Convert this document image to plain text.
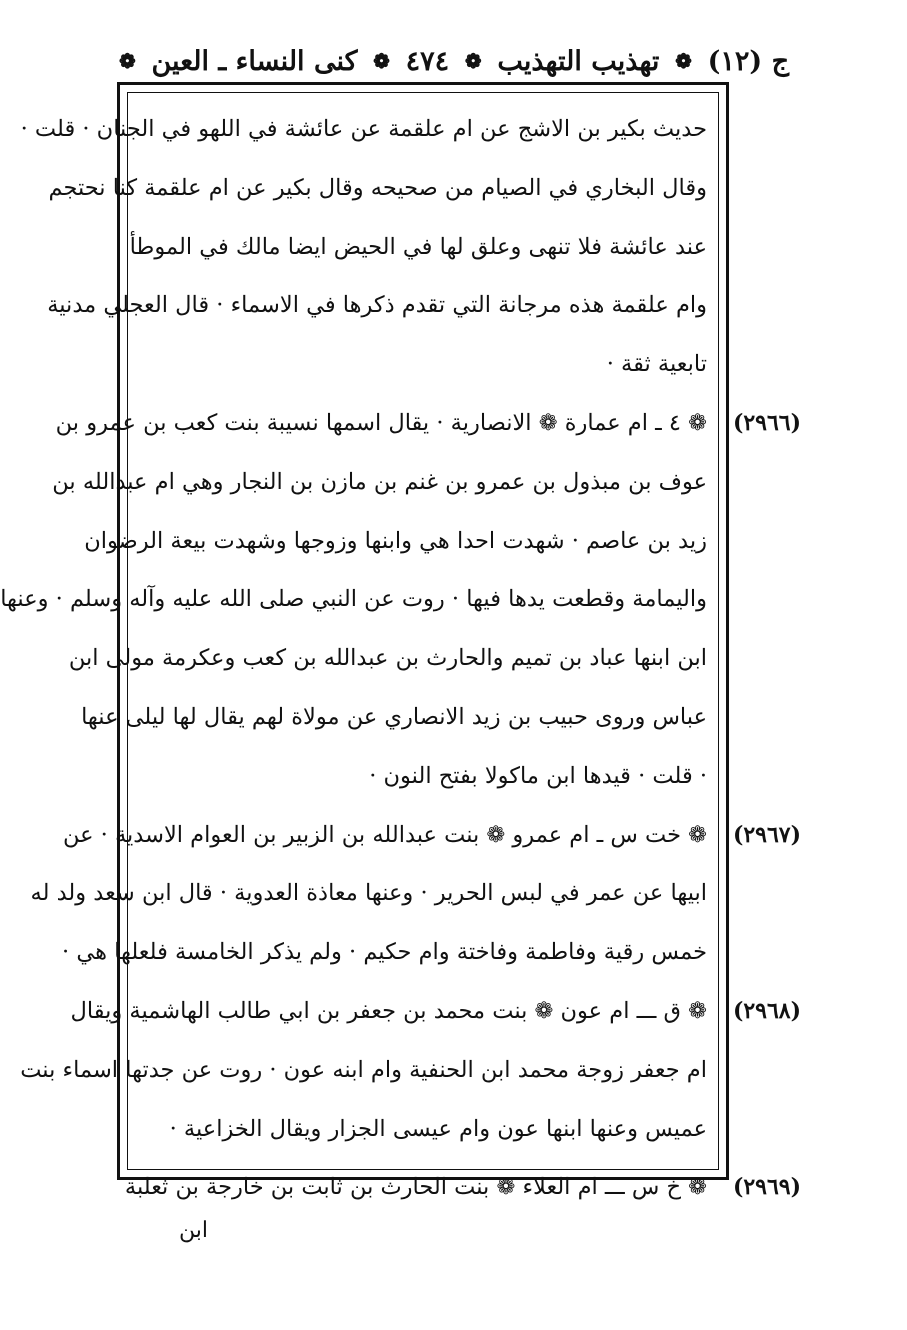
ج (١٢)
❁
تهذيب التهذيب
❁
٤٧٤
❁
كنى النساء ـ العين
❁
حديث بكير بن الاشج عن ام علقمة عن عائشة في اللهو في الجنان · قلت ·
وقال البخاري في الصيام من صحيحه وقال بكير عن ام علقمة كنا نحتجم
عند عائشة فلا تنهى وعلق لها في الحيض ايضا مالك في الموطأ
وام علقمة هذه مرجانة التي تقدم ذكرها في الاسماء · قال العجلي مدنية
تابعية ثقة ·
❁ ٤ ـ ام عمارة ❁ الانصارية · يقال اسمها نسيبة بنت كعب بن عمرو بن
عوف بن مبذول بن عمرو بن غنم بن مازن بن النجار وهي ام عبدالله بن
زيد بن عاصم · شهدت احدا هي وابنها وزوجها وشهدت بيعة الرضوان
واليمامة وقطعت يدها فيها · روت عن النبي صلى الله عليه وآله وسلم · وعنها
ابن ابنها عباد بن تميم والحارث بن عبدالله بن كعب وعكرمة مولى ابن
عباس وروى حبيب بن زيد الانصاري عن مولاة لهم يقال لها ليلى عنها
· قلت · قيدها ابن ماكولا بفتح النون ·
❁ خت س ـ ام عمرو ❁ بنت عبدالله بن الزبير بن العوام الاسدية · عن
ابيها عن عمر في لبس الحرير · وعنها معاذة العدوية · قال ابن سعد ولد له
خمس رقية وفاطمة وفاختة وام حكيم · ولم يذكر الخامسة فلعلها هي ·
❁ ق ـــ ام عون ❁ بنت محمد بن جعفر بن ابي طالب الهاشمية ويقال
ام جعفر زوجة محمد ابن الحنفية وام ابنه عون · روت عن جدتها اسماء بنت
عميس وعنها ابنها عون وام عيسى الجزار ويقال الخزاعية ·
❁ خ س ـــ ام العلاء ❁ بنت الحارث بن ثابت بن خارجة بن ثعلبة
(٢٩٦٦)
(٢٩٦٧)
(٢٩٦٨)
(٢٩٦٩)
ابن
